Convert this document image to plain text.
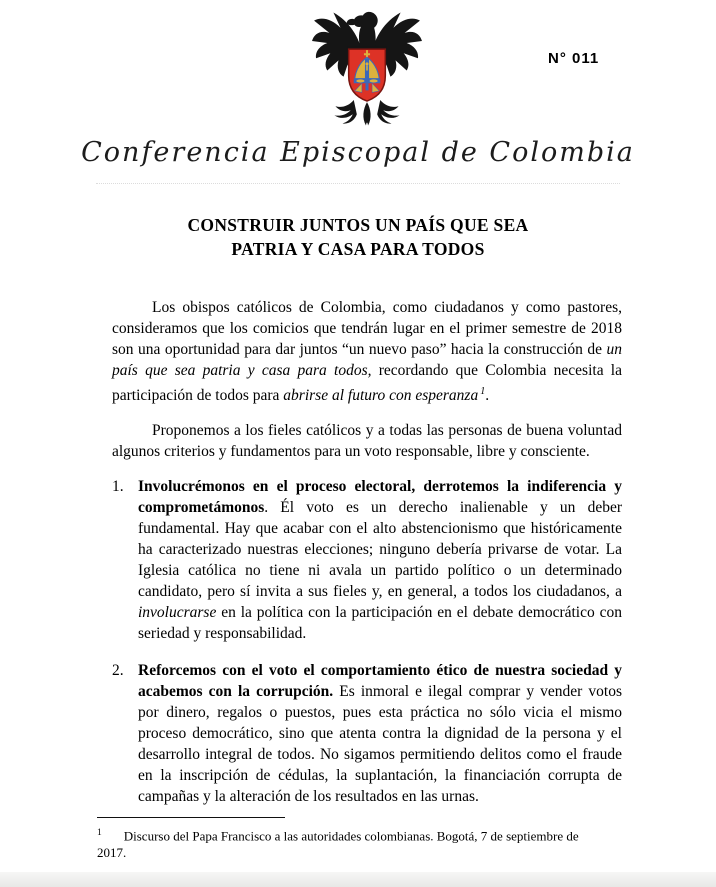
N° 011
Conferencia Episcopal de Colombia
CONSTRUIR JUNTOS UN PAÍS QUE SEA
PATRIA Y CASA PARA TODOS

Los obispos católicos de Colombia, como ciudadanos y como pastores, consideramos que los comicios que tendrán lugar en el primer semestre de 2018 son una oportunidad para dar juntos “un nuevo paso” hacia la construcción de un país que sea patria y casa para todos, recordando que Colombia necesita la participación de todos para abrirse al futuro con esperanza $^1$.

Proponemos a los fieles católicos y a todas las personas de buena voluntad algunos criterios y fundamentos para un voto responsable, libre y consciente.

1. Involucrémonos en el proceso electoral, derrotemos la indiferencia y comprometámonos. Él voto es un derecho inalienable y un deber fundamental. Hay que acabar con el alto abstencionismo que históricamente ha caracterizado nuestras elecciones; ninguno debería privarse de votar. La Iglesia católica no tiene ni avala un partido político o un determinado candidato, pero sí invita a sus fieles y, en general, a todos los ciudadanos, a involucrarse en la política con la participación en el debate democrático con seriedad y responsabilidad.
2. Reforcemos con el voto el comportamiento ético de nuestra sociedad y acabemos con la corrupción. Es inmoral e ilegal comprar y vender votos por dinero, regalos o puestos, pues esta práctica no sólo vicia el mismo proceso democrático, sino que atenta contra la dignidad de la persona y el desarrollo integral de todos. No sigamos permitiendo delitos como el fraude en la inscripción de cédulas, la suplantación, la financiación corrupta de campañas y la alteración de los resultados en las urnas.
$^1$ Discurso del Papa Francisco a las autoridades colombianas. Bogotá, 7 de septiembre de 2017.
